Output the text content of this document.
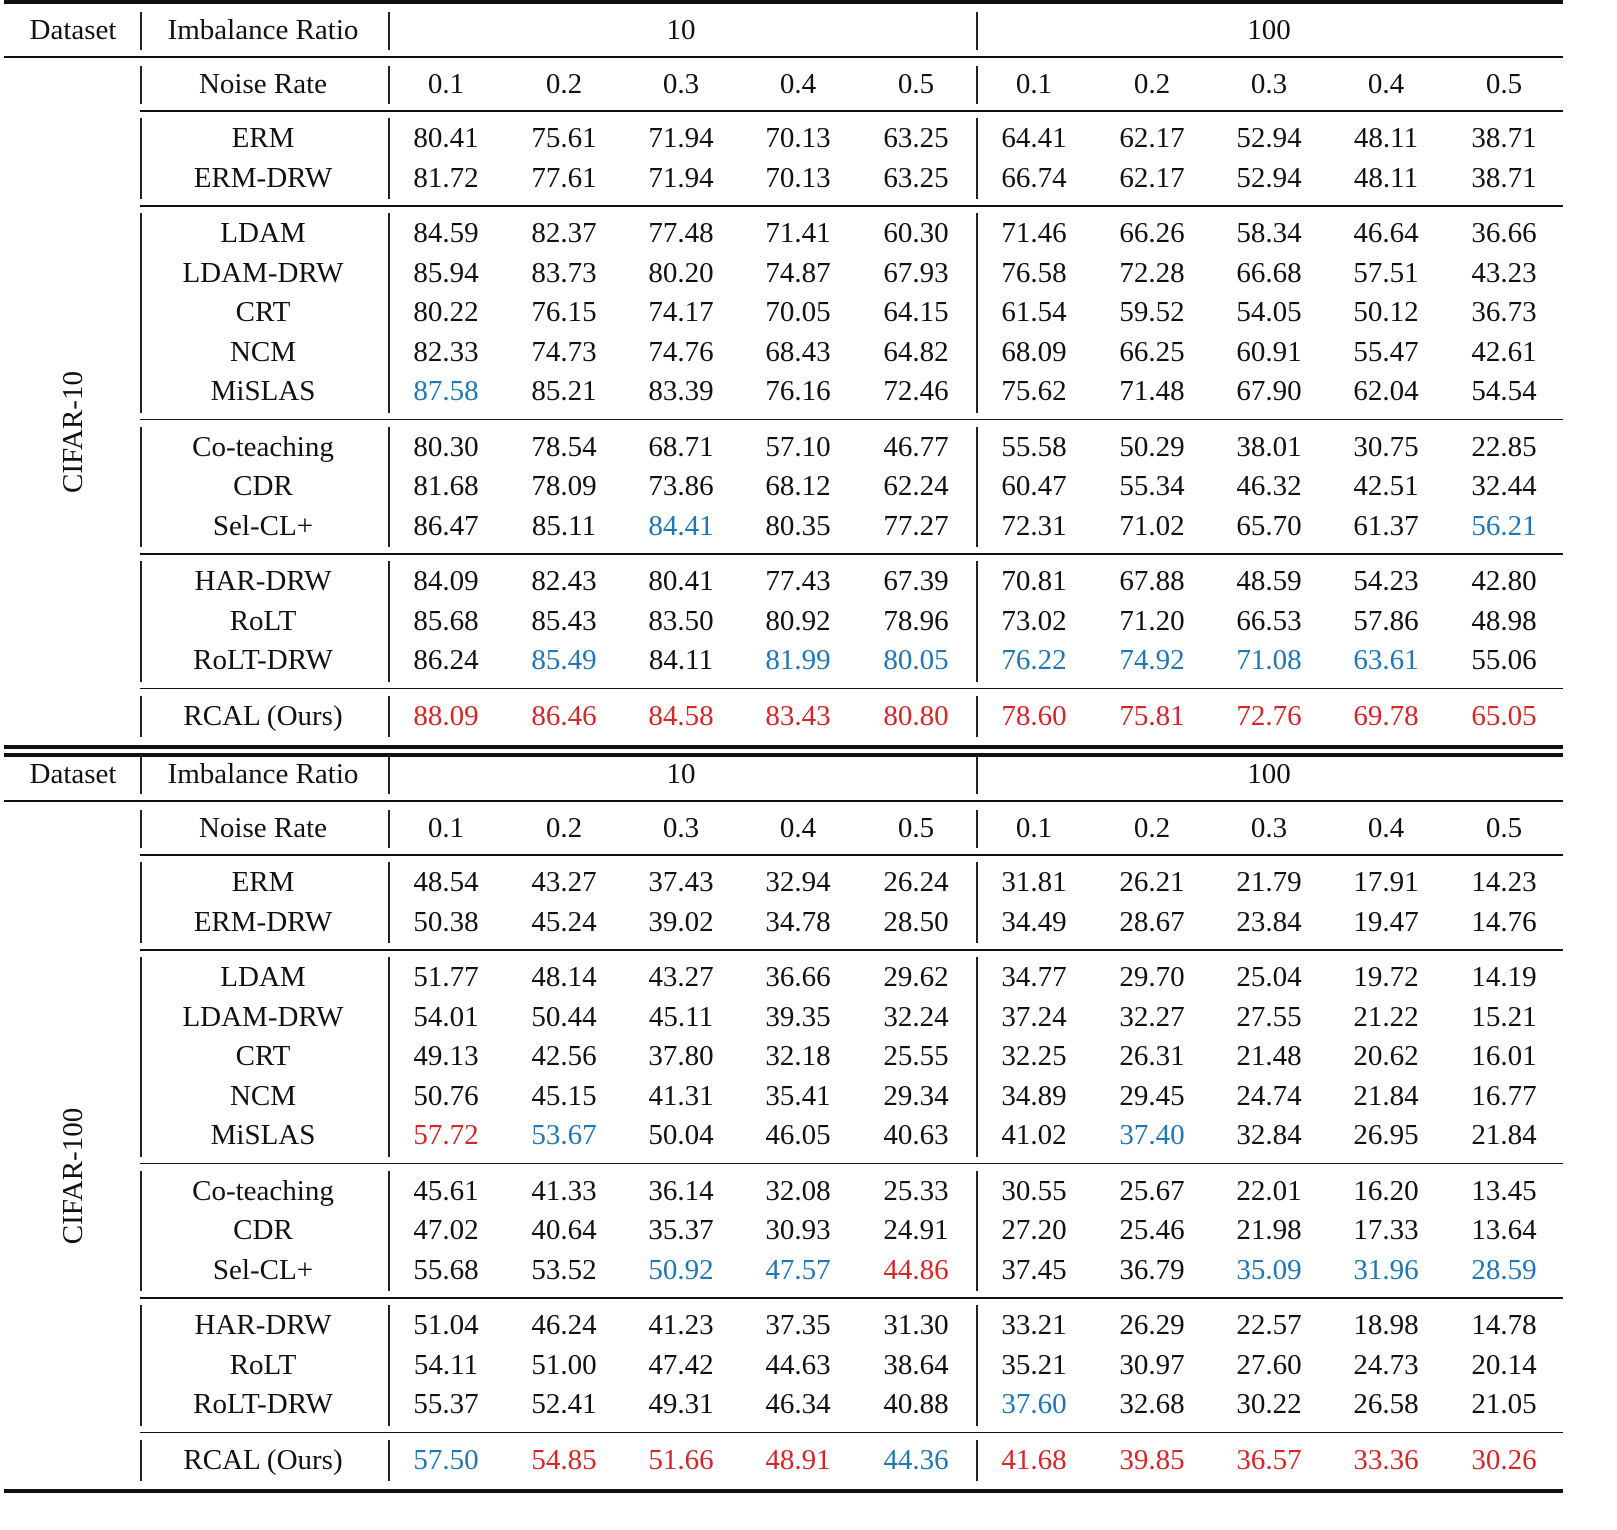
Dataset	Imbalance Ratio	10	100
Noise Rate	0.1	0.2	0.3	0.4	0.5	0.1	0.2	0.3	0.4	0.5
ERM	80.41	75.61	71.94	70.13	63.25	64.41	62.17	52.94	48.11	38.71
ERM-DRW	81.72	77.61	71.94	70.13	63.25	66.74	62.17	52.94	48.11	38.71
LDAM	84.59	82.37	77.48	71.41	60.30	71.46	66.26	58.34	46.64	36.66
LDAM-DRW	85.94	83.73	80.20	74.87	67.93	76.58	72.28	66.68	57.51	43.23
CRT	80.22	76.15	74.17	70.05	64.15	61.54	59.52	54.05	50.12	36.73
NCM	82.33	74.73	74.76	68.43	64.82	68.09	66.25	60.91	55.47	42.61
MiSLAS	87.58	85.21	83.39	76.16	72.46	75.62	71.48	67.90	62.04	54.54
Co-teaching	80.30	78.54	68.71	57.10	46.77	55.58	50.29	38.01	30.75	22.85
CDR	81.68	78.09	73.86	68.12	62.24	60.47	55.34	46.32	42.51	32.44
Sel-CL+	86.47	85.11	84.41	80.35	77.27	72.31	71.02	65.70	61.37	56.21
HAR-DRW	84.09	82.43	80.41	77.43	67.39	70.81	67.88	48.59	54.23	42.80
RoLT	85.68	85.43	83.50	80.92	78.96	73.02	71.20	66.53	57.86	48.98
RoLT-DRW	86.24	85.49	84.11	81.99	80.05	76.22	74.92	71.08	63.61	55.06
RCAL (Ours)	88.09	86.46	84.58	83.43	80.80	78.60	75.81	72.76	69.78	65.05
CIFAR-10
Dataset	Imbalance Ratio	10	100
Noise Rate	0.1	0.2	0.3	0.4	0.5	0.1	0.2	0.3	0.4	0.5
ERM	48.54	43.27	37.43	32.94	26.24	31.81	26.21	21.79	17.91	14.23
ERM-DRW	50.38	45.24	39.02	34.78	28.50	34.49	28.67	23.84	19.47	14.76
LDAM	51.77	48.14	43.27	36.66	29.62	34.77	29.70	25.04	19.72	14.19
LDAM-DRW	54.01	50.44	45.11	39.35	32.24	37.24	32.27	27.55	21.22	15.21
CRT	49.13	42.56	37.80	32.18	25.55	32.25	26.31	21.48	20.62	16.01
NCM	50.76	45.15	41.31	35.41	29.34	34.89	29.45	24.74	21.84	16.77
MiSLAS	57.72	53.67	50.04	46.05	40.63	41.02	37.40	32.84	26.95	21.84
Co-teaching	45.61	41.33	36.14	32.08	25.33	30.55	25.67	22.01	16.20	13.45
CDR	47.02	40.64	35.37	30.93	24.91	27.20	25.46	21.98	17.33	13.64
Sel-CL+	55.68	53.52	50.92	47.57	44.86	37.45	36.79	35.09	31.96	28.59
HAR-DRW	51.04	46.24	41.23	37.35	31.30	33.21	26.29	22.57	18.98	14.78
RoLT	54.11	51.00	47.42	44.63	38.64	35.21	30.97	27.60	24.73	20.14
RoLT-DRW	55.37	52.41	49.31	46.34	40.88	37.60	32.68	30.22	26.58	21.05
RCAL (Ours)	57.50	54.85	51.66	48.91	44.36	41.68	39.85	36.57	33.36	30.26
CIFAR-100
